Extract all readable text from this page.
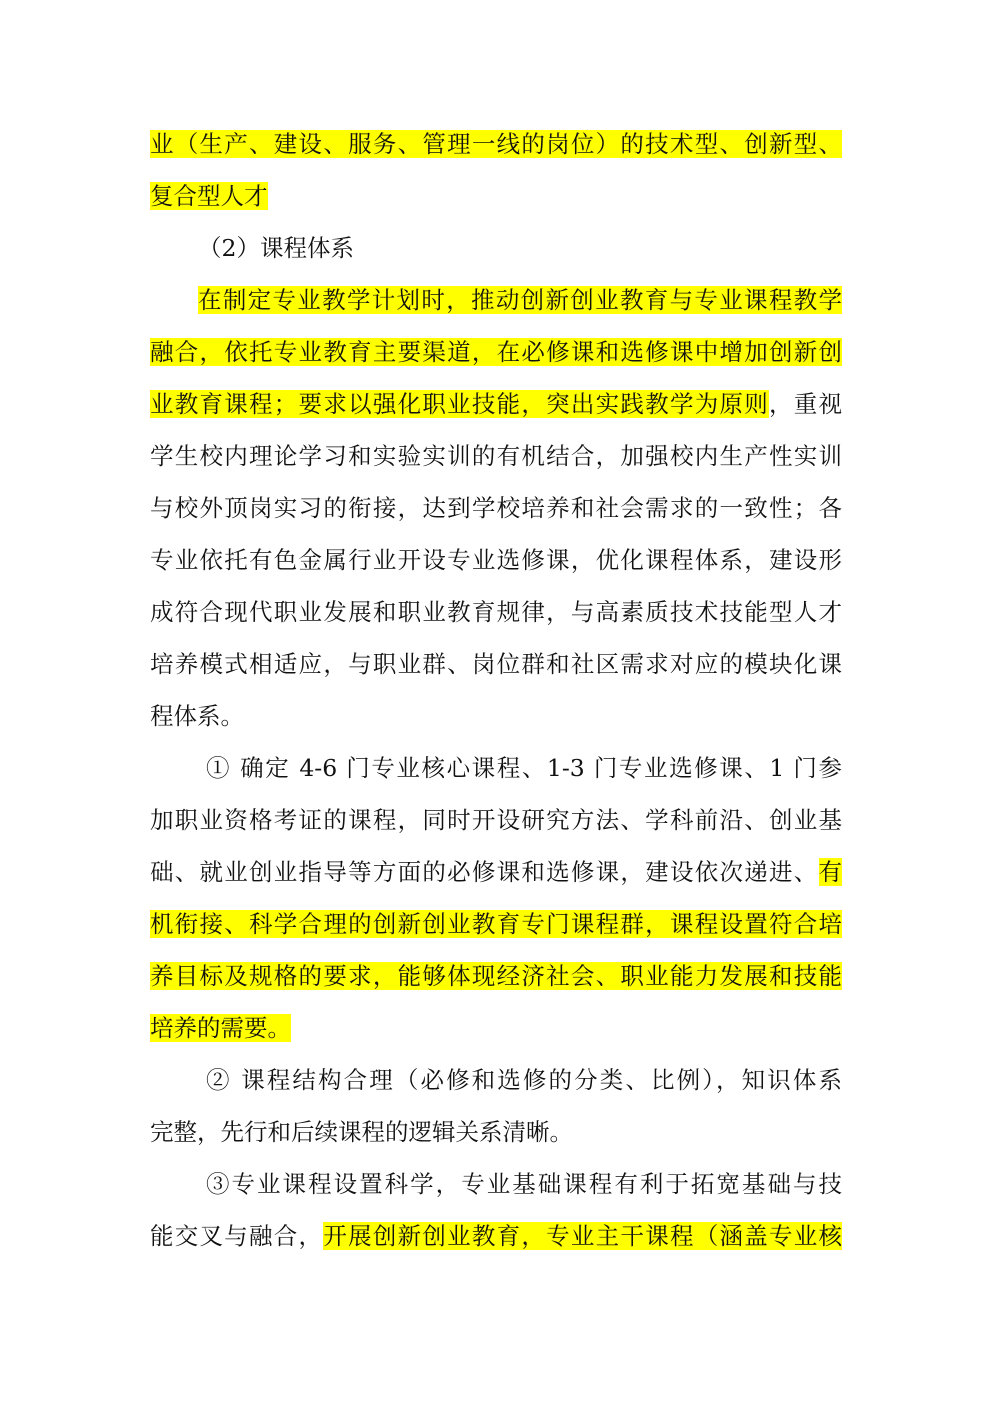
业（生产、建设、服务、管理一线的岗位）的技术型、创新型、
复合型人才
（2）课程体系
在制定专业教学计划时，推动创新创业教育与专业课程教学
融合，依托专业教育主要渠道，在必修课和选修课中增加创新创
业教育课程；要求以强化职业技能，突出实践教学为原则，重视
学生校内理论学习和实验实训的有机结合，加强校内生产性实训
与校外顶岗实习的衔接，达到学校培养和社会需求的一致性；各
专业依托有色金属行业开设专业选修课，优化课程体系，建设形
成符合现代职业发展和职业教育规律，与高素质技术技能型人才
培养模式相适应，与职业群、岗位群和社区需求对应的模块化课
程体系。
① 确定 4-6 门专业核心课程、1-3 门专业选修课、1 门参
加职业资格考证的课程，同时开设研究方法、学科前沿、创业基
础、就业创业指导等方面的必修课和选修课，建设依次递进、有
机衔接、科学合理的创新创业教育专门课程群，课程设置符合培
养目标及规格的要求，能够体现经济社会、职业能力发展和技能
培养的需要。
② 课程结构合理（必修和选修的分类、比例），知识体系
完整，先行和后续课程的逻辑关系清晰。
③专业课程设置科学，专业基础课程有利于拓宽基础与技
能交叉与融合，开展创新创业教育，专业主干课程（涵盖专业核
